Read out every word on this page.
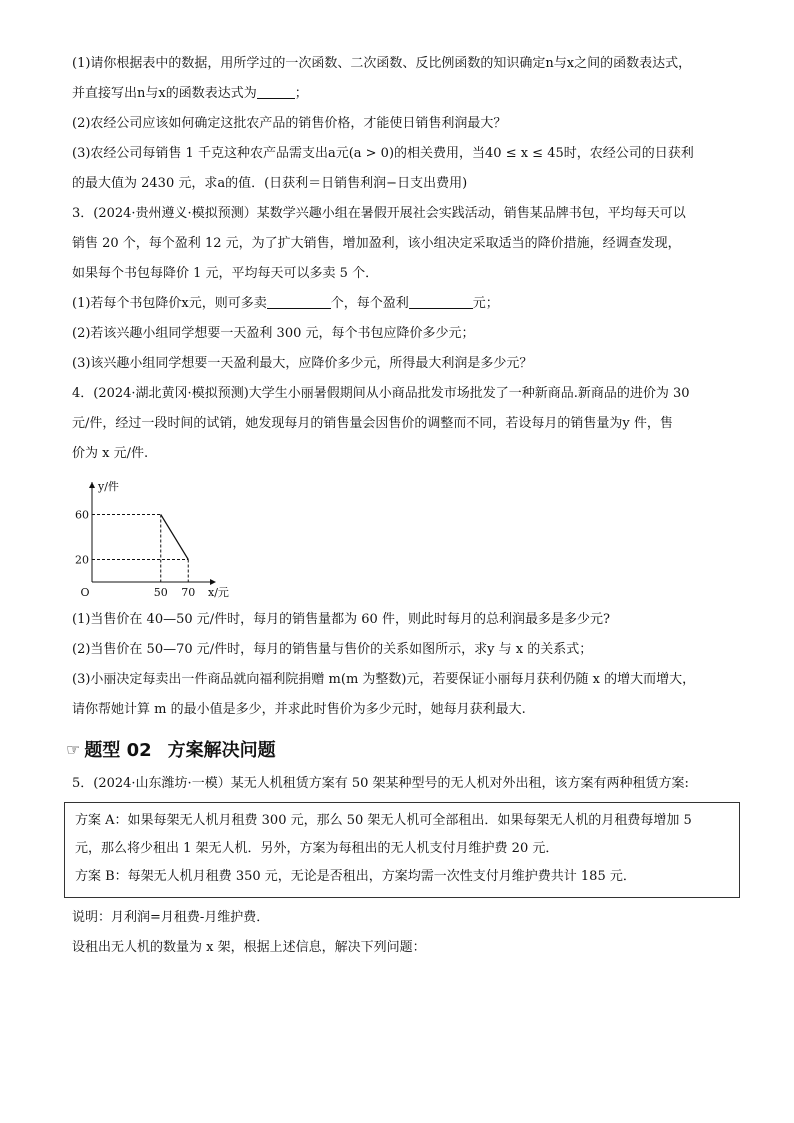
(1)请你根据表中的数据，用所学过的一次函数、二次函数、反比例函数的知识确定n与x之间的函数表达式，

并直接写出n与x的函数表达式为	；

(2)农经公司应该如何确定这批农产品的销售价格，才能使日销售利润最大？

(3)农经公司每销售 1 千克这种农产品需支出a元(a > 0)的相关费用，当40 ≤ x ≤ 45时，农经公司的日获利

的最大值为 2430 元，求a的值．(日获利＝日销售利润−日支出费用)

3．(2024·贵州遵义·模拟预测）某数学兴趣小组在暑假开展社会实践活动，销售某品牌书包，平均每天可以

销售 20 个，每个盈利 12 元，为了扩大销售，增加盈利，该小组决定采取适当的降价措施，经调查发现，

如果每个书包每降价 1 元，平均每天可以多卖 5 个．

(1)若每个书包降价x元，则可多卖	个，每个盈利	元；

(2)若该兴趣小组同学想要一天盈利 300 元，每个书包应降价多少元；

(3)该兴趣小组同学想要一天盈利最大，应降价多少元，所得最大利润是多少元？

4．(2024·湖北黄冈·模拟预测)大学生小丽暑假期间从小商品批发市场批发了一种新商品.新商品的进价为 30

元/件，经过一段时间的试销，她发现每月的销售量会因售价的调整而不同，若设每月的销售量为y 件，售

价为 x 元/件.

y/件
x/元
O
60
20
50 70

(1)当售价在 40—50 元/件时，每月的销售量都为 60 件，则此时每月的总利润最多是多少元?

(2)当售价在 50—70 元/件时，每月的销售量与售价的关系如图所示，求y 与 x 的关系式；

(3)小丽决定每卖出一件商品就向福利院捐赠 m(m 为整数)元，若要保证小丽每月获利仍随 x 的增大而增大，

请你帮她计算 m 的最小值是多少，并求此时售价为多少元时，她每月获利最大.

☞ 题型 02 方案解决问题

5．(2024·山东潍坊·一模）某无人机租赁方案有 50 架某种型号的无人机对外出租，该方案有两种租赁方案:

方案 A：如果每架无人机月租费 300 元，那么 50 架无人机可全部租出．如果每架无人机的月租费每增加 5

元，那么将少租出 1 架无人机．另外，方案为每租出的无人机支付月维护费 20 元．

方案 B：每架无人机月租费 350 元，无论是否租出，方案均需一次性支付月维护费共计 185 元．

说明：月利润=月租费-月维护费．

设租出无人机的数量为 x 架，根据上述信息，解决下列问题：
